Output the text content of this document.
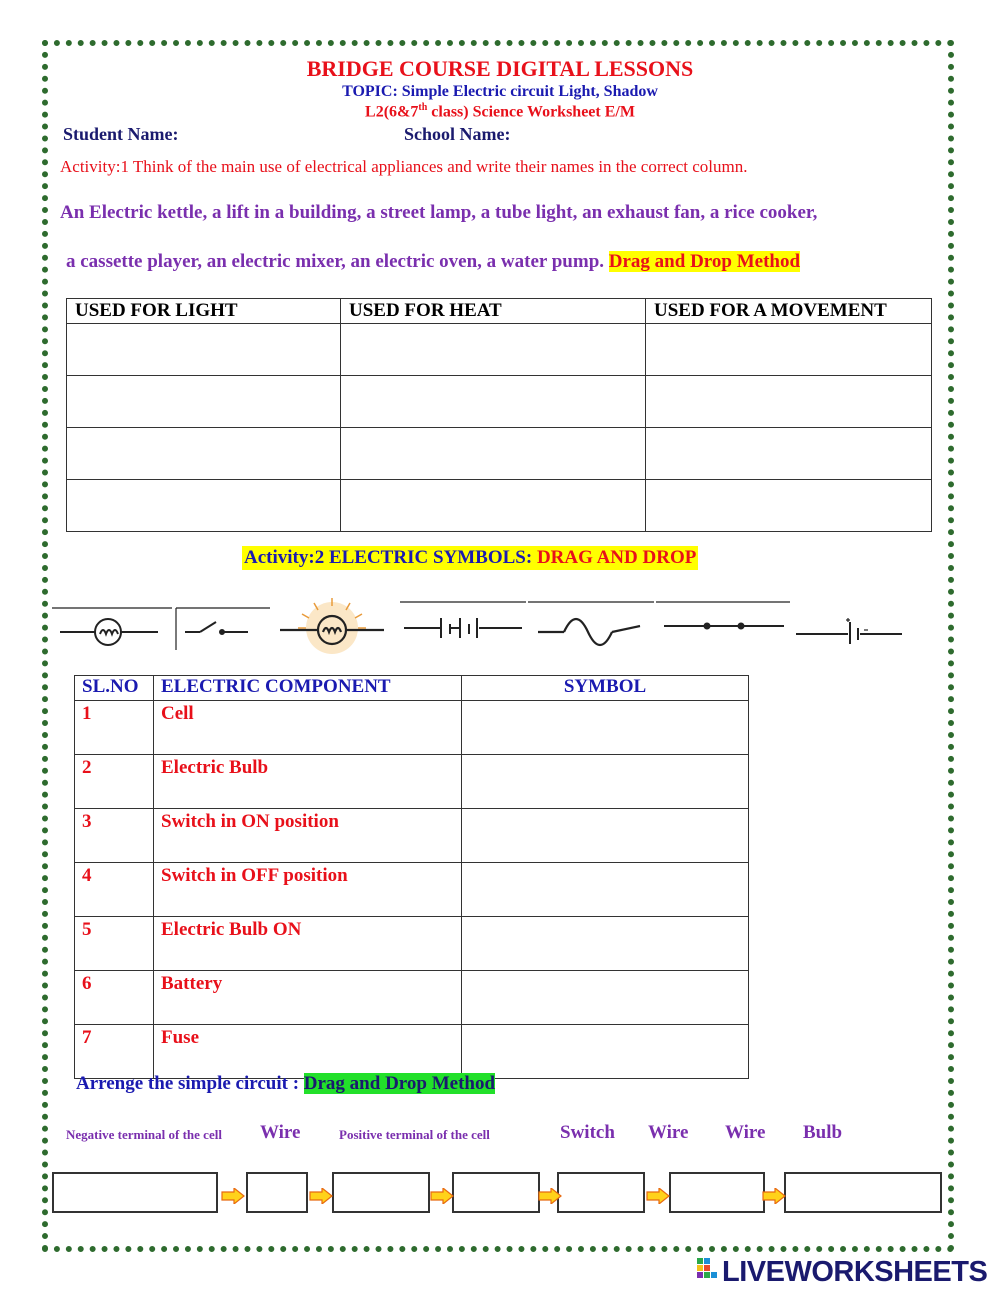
BRIDGE COURSE DIGITAL LESSONS
TOPIC: Simple Electric circuit Light, Shadow
L2(6&7th class) Science Worksheet E/M
Student Name:	School Name:
Activity:1 Think of the main use of electrical appliances and write their names in the correct column.
An Electric kettle, a lift in a building, a street lamp, a tube light, an exhaust fan, a rice cooker,
a cassette player, an electric mixer, an electric oven, a water pump. Drag and Drop Method
USED FOR LIGHT	USED FOR HEAT	USED FOR A MOVEMENT

Activity:2 ELECTRIC SYMBOLS: DRAG AND DROP
SL.NO	ELECTRIC COMPONENT	SYMBOL
1	Cell	
2	Electric Bulb	
3	Switch in ON position	
4	Switch in OFF position	
5	Electric Bulb ON	
6	Battery	
7	Fuse	
Arrenge the simple circuit : Drag and Drop Method
Negative terminal of the cell Wire	Positive terminal of the cell	Switch Wire Wire Bulb
LIVEWORKSHEETS
